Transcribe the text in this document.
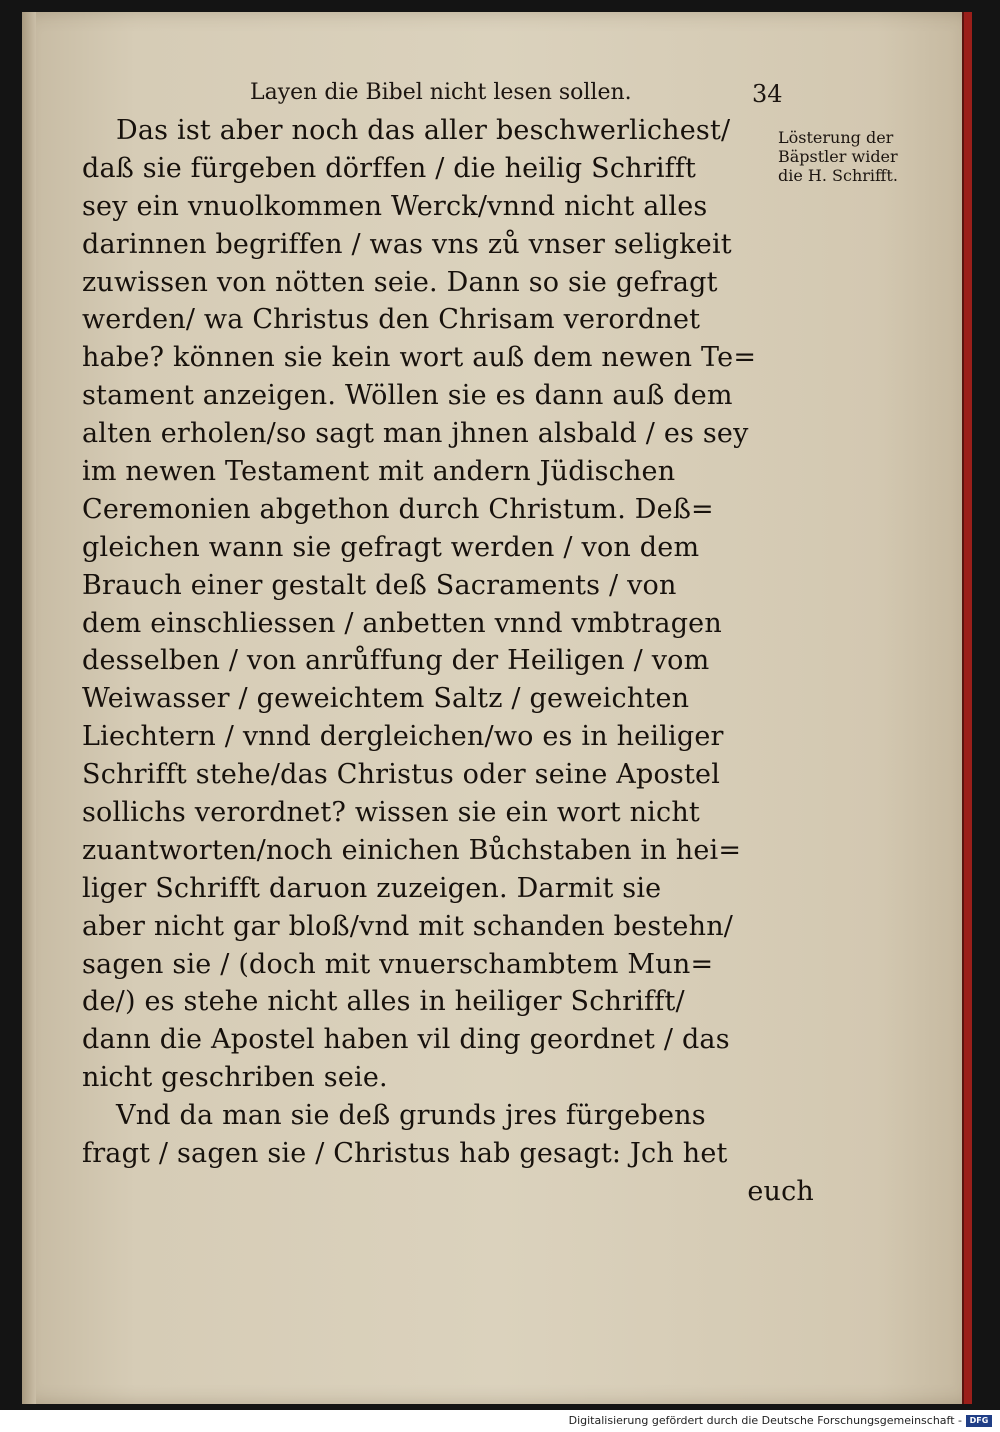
Layen die Bibel nicht lesen sollen.	34
Lösterung der
Bäpstler wider
die H. Schrifft.
Das ist aber noch das aller beschwerlichest/
daß sie fürgeben dörffen / die heilig Schrifft
sey ein vnuolkommen Werck/vnnd nicht alles
darinnen begriffen / was vns zů vnser seligkeit
zuwissen von nötten seie. Dann so sie gefragt
werden/ wa Christus den Chrisam verordnet
habe? können sie kein wort auß dem newen Te=
stament anzeigen. Wöllen sie es dann auß dem
alten erholen/so sagt man jhnen alsbald / es sey
im newen Testament mit andern Jüdischen
Ceremonien abgethon durch Christum. Deß=
gleichen wann sie gefragt werden / von dem
Brauch einer gestalt deß Sacraments / von
dem einschliessen / anbetten vnnd vmbtragen
desselben / von anrůffung der Heiligen / vom
Weiwasser / geweichtem Saltz / geweichten
Liechtern / vnnd dergleichen/wo es in heiliger
Schrifft stehe/das Christus oder seine Apostel
sollichs verordnet? wissen sie ein wort nicht
zuantworten/noch einichen Bůchstaben in hei=
liger Schrifft daruon zuzeigen. Darmit sie
aber nicht gar bloß/vnd mit schanden bestehn/
sagen sie / (doch mit vnuerschambtem Mun=
de/) es stehe nicht alles in heiliger Schrifft/
dann die Apostel haben vil ding geordnet / das
nicht geschriben seie.
Vnd da man sie deß grunds jres fürgebens
fragt / sagen sie / Christus hab gesagt: Jch het
euch
Digitalisierung gefördert durch die Deutsche Forschungsgemeinschaft - DFG
